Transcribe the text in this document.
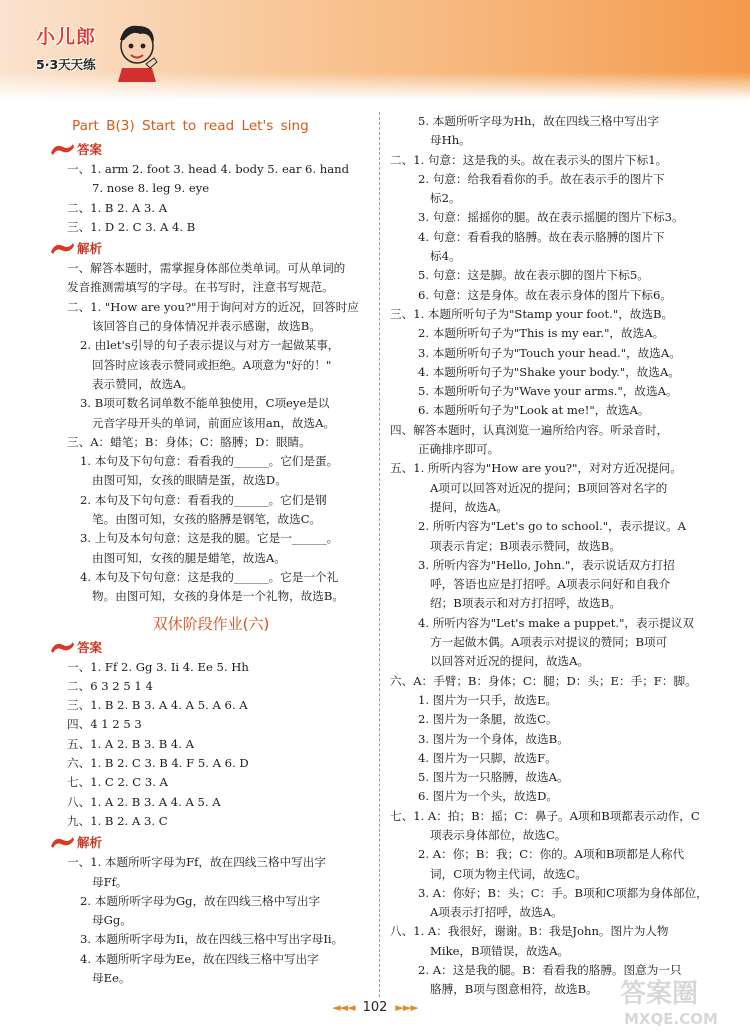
小儿郎
5·3天天练
Part B(3) Start to read Let's sing
答案
一、1. arm 2. foot 3. head 4. body 5. ear 6. hand
7. nose 8. leg 9. eye
二、1. B 2. A 3. A
三、1. D 2. C 3. A 4. B
解析
一、解答本题时，需掌握身体部位类单词。可从单词的
发音推测需填写的字母。在书写时，注意书写规范。
二、1. "How are you?"用于询问对方的近况，回答时应
该回答自己的身体情况并表示感谢，故选B。
2. 由let's引导的句子表示提议与对方一起做某事，
回答时应该表示赞同或拒绝。A项意为"好的！"
表示赞同，故选A。
3. B项可数名词单数不能单独使用，C项eye是以
元音字母开头的单词，前面应该用an，故选A。
三、A：蜡笔；B：身体；C：胳膊；D：眼睛。
1. 本句及下句句意：看看我的______。它们是蛋。
由图可知，女孩的眼睛是蛋，故选D。
2. 本句及下句句意：看看我的______。它们是钢
笔。由图可知，女孩的胳膊是钢笔，故选C。
3. 上句及本句句意：这是我的腿。它是一______。
由图可知，女孩的腿是蜡笔，故选A。
4. 本句及下句句意：这是我的______。它是一个礼
物。由图可知，女孩的身体是一个礼物，故选B。
双休阶段作业(六)
答案
一、1. Ff 2. Gg 3. Ii 4. Ee 5. Hh
二、6 3 2 5 1 4
三、1. B 2. B 3. A 4. A 5. A 6. A
四、4 1 2 5 3
五、1. A 2. B 3. B 4. A
六、1. B 2. C 3. B 4. F 5. A 6. D
七、1. C 2. C 3. A
八、1. A 2. B 3. A 4. A 5. A
九、1. B 2. A 3. C
解析
一、1. 本题所听字母为Ff，故在四线三格中写出字
母Ff。
2. 本题所听字母为Gg，故在四线三格中写出字
母Gg。
3. 本题所听字母为Ii，故在四线三格中写出字母Ii。
4. 本题所听字母为Ee，故在四线三格中写出字
母Ee。
5. 本题所听字母为Hh，故在四线三格中写出字
母Hh。
二、1. 句意：这是我的头。故在表示头的图片下标1。
2. 句意：给我看看你的手。故在表示手的图片下
标2。
3. 句意：摇摇你的腿。故在表示摇腿的图片下标3。
4. 句意：看看我的胳膊。故在表示胳膊的图片下
标4。
5. 句意：这是脚。故在表示脚的图片下标5。
6. 句意：这是身体。故在表示身体的图片下标6。
三、1. 本题所听句子为"Stamp your foot."，故选B。
2. 本题所听句子为"This is my ear."，故选A。
3. 本题所听句子为"Touch your head."，故选A。
4. 本题所听句子为"Shake your body."，故选A。
5. 本题所听句子为"Wave your arms."，故选A。
6. 本题所听句子为"Look at me!"，故选A。
四、解答本题时，认真浏览一遍所给内容。听录音时，
正确排序即可。
五、1. 所听内容为"How are you?"，对对方近况提问。
A项可以回答对近况的提问；B项回答对名字的
提问，故选A。
2. 所听内容为"Let's go to school."，表示提议。A
项表示肯定；B项表示赞同，故选B。
3. 所听内容为"Hello, John."，表示说话双方打招
呼，答语也应是打招呼。A项表示问好和自我介
绍；B项表示和对方打招呼，故选B。
4. 所听内容为"Let's make a puppet."，表示提议双
方一起做木偶。A项表示对提议的赞同；B项可
以回答对近况的提问，故选A。
六、A：手臂；B：身体；C：腿；D：头；E：手；F：脚。
1. 图片为一只手，故选E。
2. 图片为一条腿，故选C。
3. 图片为一个身体，故选B。
4. 图片为一只脚，故选F。
5. 图片为一只胳膊，故选A。
6. 图片为一个头，故选D。
七、1. A：拍；B：摇；C：鼻子。A项和B项都表示动作，C
项表示身体部位，故选C。
2. A：你；B：我；C：你的。A项和B项都是人称代
词，C项为物主代词，故选C。
3. A：你好；B：头；C：手。B项和C项都为身体部位，
A项表示打招呼，故选A。
八、1. A：我很好，谢谢。B：我是John。图片为人物
Mike，B项错误，故选A。
2. A：这是我的腿。B：看看我的胳膊。图意为一只
胳膊，B项与图意相符，故选B。
◄◄◄ 102 ►►►	答案圈
MXQE.COM
